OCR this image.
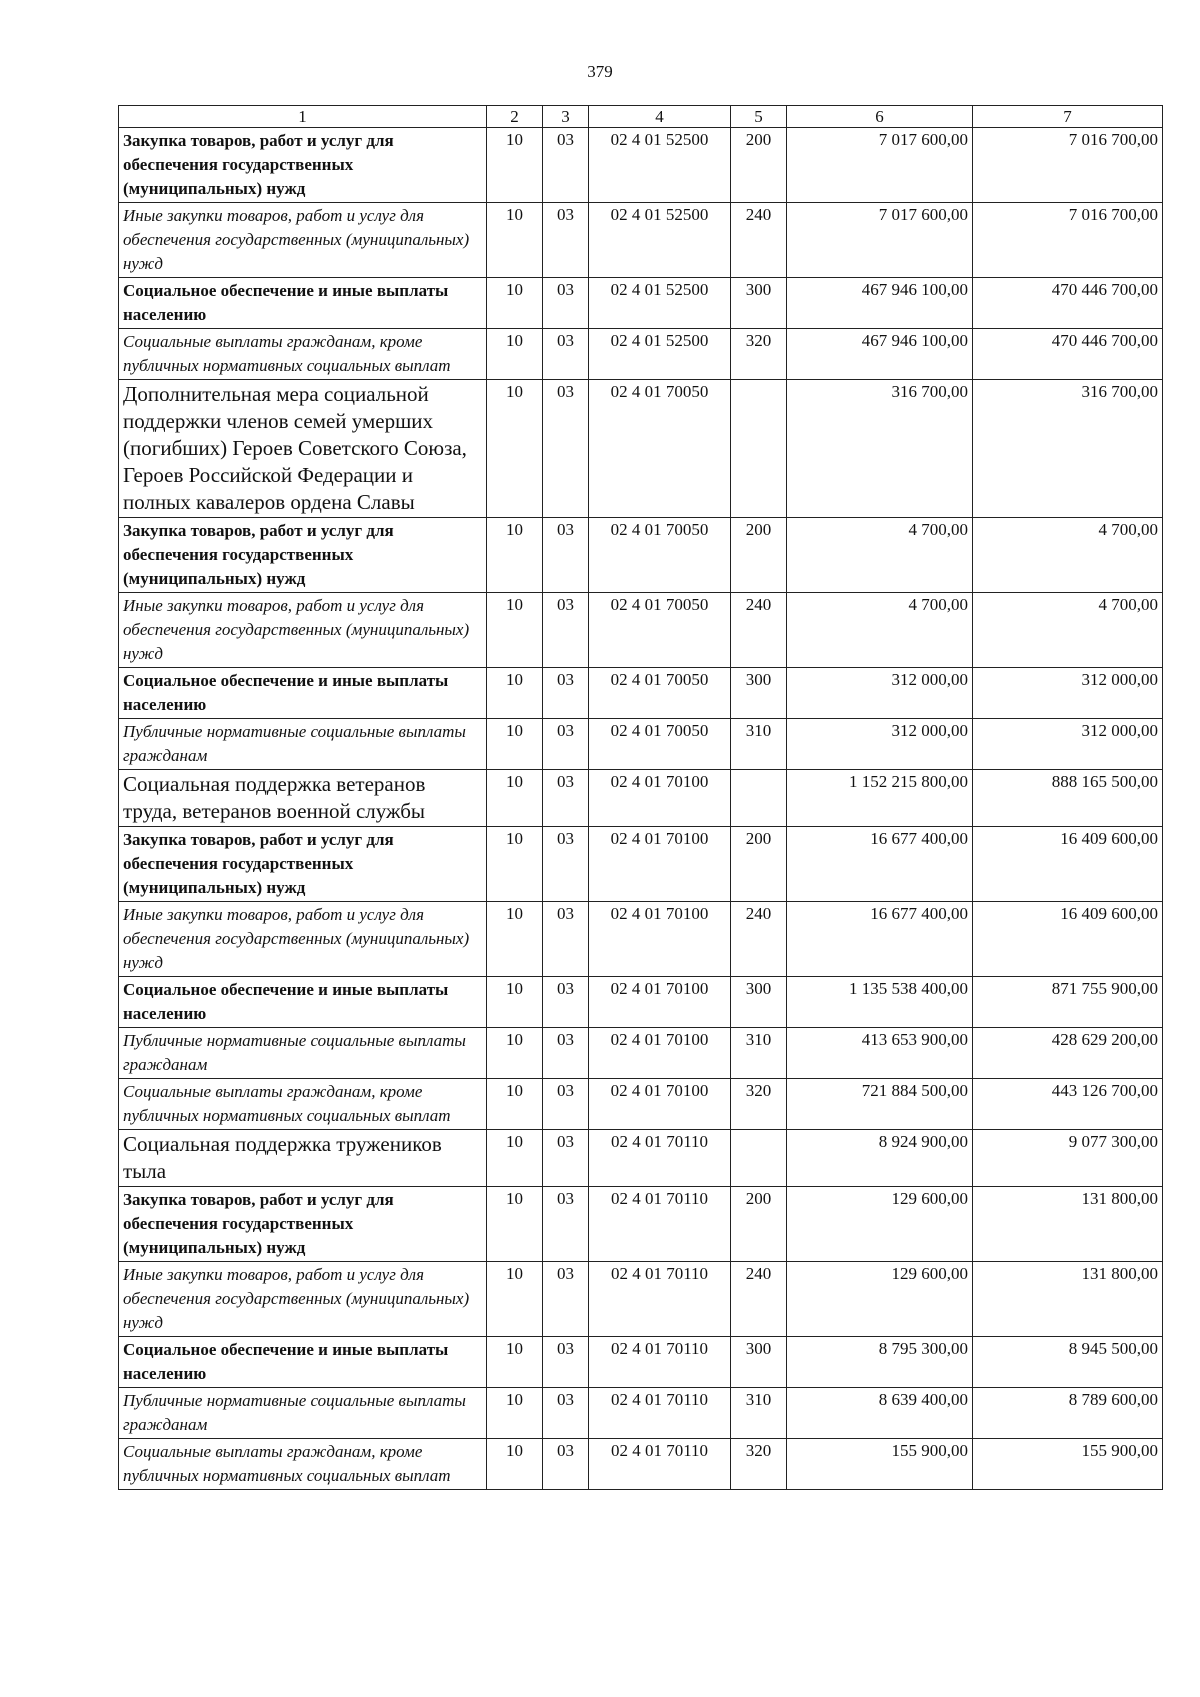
379
1	2	3	4	5	6	7
Закупка товаров, работ и услуг для обеспечения государственных (муниципальных) нужд	10	03	02 4 01 52500	200	7 017 600,00	7 016 700,00
Иные закупки товаров, работ и услуг для обеспечения государственных (муниципальных) нужд	10	03	02 4 01 52500	240	7 017 600,00	7 016 700,00
Социальное обеспечение и иные выплаты населению	10	03	02 4 01 52500	300	467 946 100,00	470 446 700,00
Социальные выплаты гражданам, кроме публичных нормативных социальных выплат	10	03	02 4 01 52500	320	467 946 100,00	470 446 700,00
Дополнительная мера социальной поддержки членов семей умерших (погибших) Героев Советского Союза, Героев Российской Федерации и полных кавалеров ордена Славы	10	03	02 4 01 70050		316 700,00	316 700,00
Закупка товаров, работ и услуг для обеспечения государственных (муниципальных) нужд	10	03	02 4 01 70050	200	4 700,00	4 700,00
Иные закупки товаров, работ и услуг для обеспечения государственных (муниципальных) нужд	10	03	02 4 01 70050	240	4 700,00	4 700,00
Социальное обеспечение и иные выплаты населению	10	03	02 4 01 70050	300	312 000,00	312 000,00
Публичные нормативные социальные выплаты гражданам	10	03	02 4 01 70050	310	312 000,00	312 000,00
Социальная поддержка ветеранов труда, ветеранов военной службы	10	03	02 4 01 70100		1 152 215 800,00	888 165 500,00
Закупка товаров, работ и услуг для обеспечения государственных (муниципальных) нужд	10	03	02 4 01 70100	200	16 677 400,00	16 409 600,00
Иные закупки товаров, работ и услуг для обеспечения государственных (муниципальных) нужд	10	03	02 4 01 70100	240	16 677 400,00	16 409 600,00
Социальное обеспечение и иные выплаты населению	10	03	02 4 01 70100	300	1 135 538 400,00	871 755 900,00
Публичные нормативные социальные выплаты гражданам	10	03	02 4 01 70100	310	413 653 900,00	428 629 200,00
Социальные выплаты гражданам, кроме публичных нормативных социальных выплат	10	03	02 4 01 70100	320	721 884 500,00	443 126 700,00
Социальная поддержка тружеников тыла	10	03	02 4 01 70110		8 924 900,00	9 077 300,00
Закупка товаров, работ и услуг для обеспечения государственных (муниципальных) нужд	10	03	02 4 01 70110	200	129 600,00	131 800,00
Иные закупки товаров, работ и услуг для обеспечения государственных (муниципальных) нужд	10	03	02 4 01 70110	240	129 600,00	131 800,00
Социальное обеспечение и иные выплаты населению	10	03	02 4 01 70110	300	8 795 300,00	8 945 500,00
Публичные нормативные социальные выплаты гражданам	10	03	02 4 01 70110	310	8 639 400,00	8 789 600,00
Социальные выплаты гражданам, кроме публичных нормативных социальных выплат	10	03	02 4 01 70110	320	155 900,00	155 900,00
